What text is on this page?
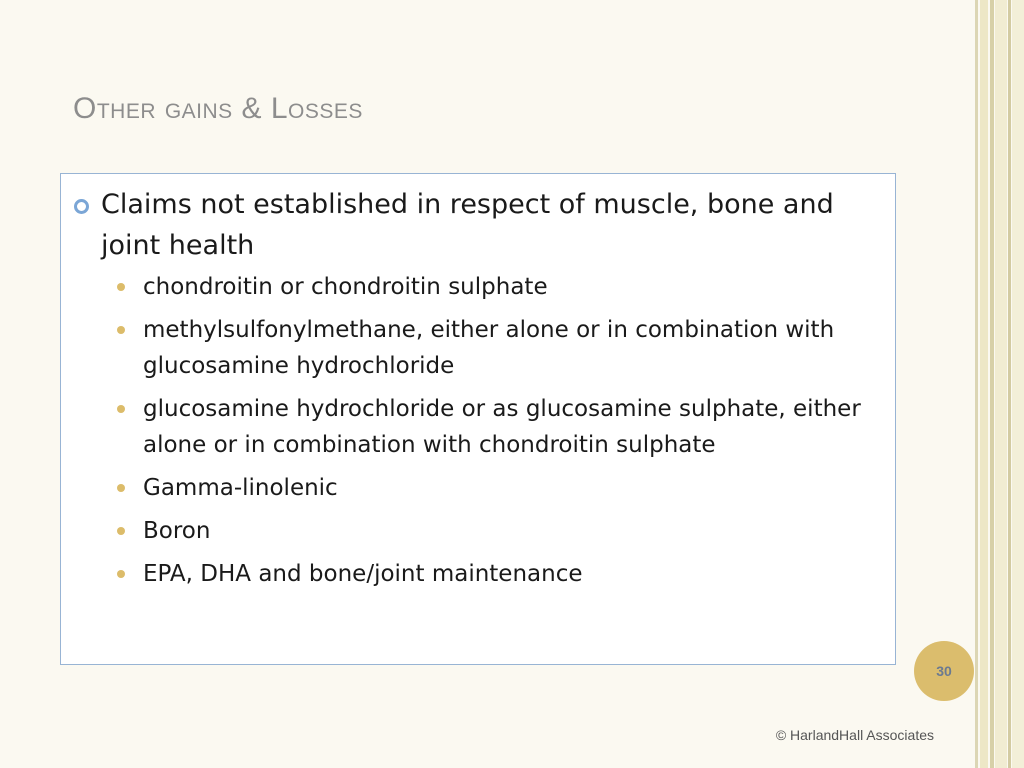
Other gains & Losses
Claims not established in respect of muscle, bone and joint health
chondroitin or chondroitin sulphate
methylsulfonylmethane, either alone or in combination with glucosamine hydrochloride
glucosamine hydrochloride or as glucosamine sulphate, either alone or in combination with chondroitin sulphate
Gamma-linolenic
Boron
EPA, DHA and bone/joint maintenance
30
© HarlandHall Associates
